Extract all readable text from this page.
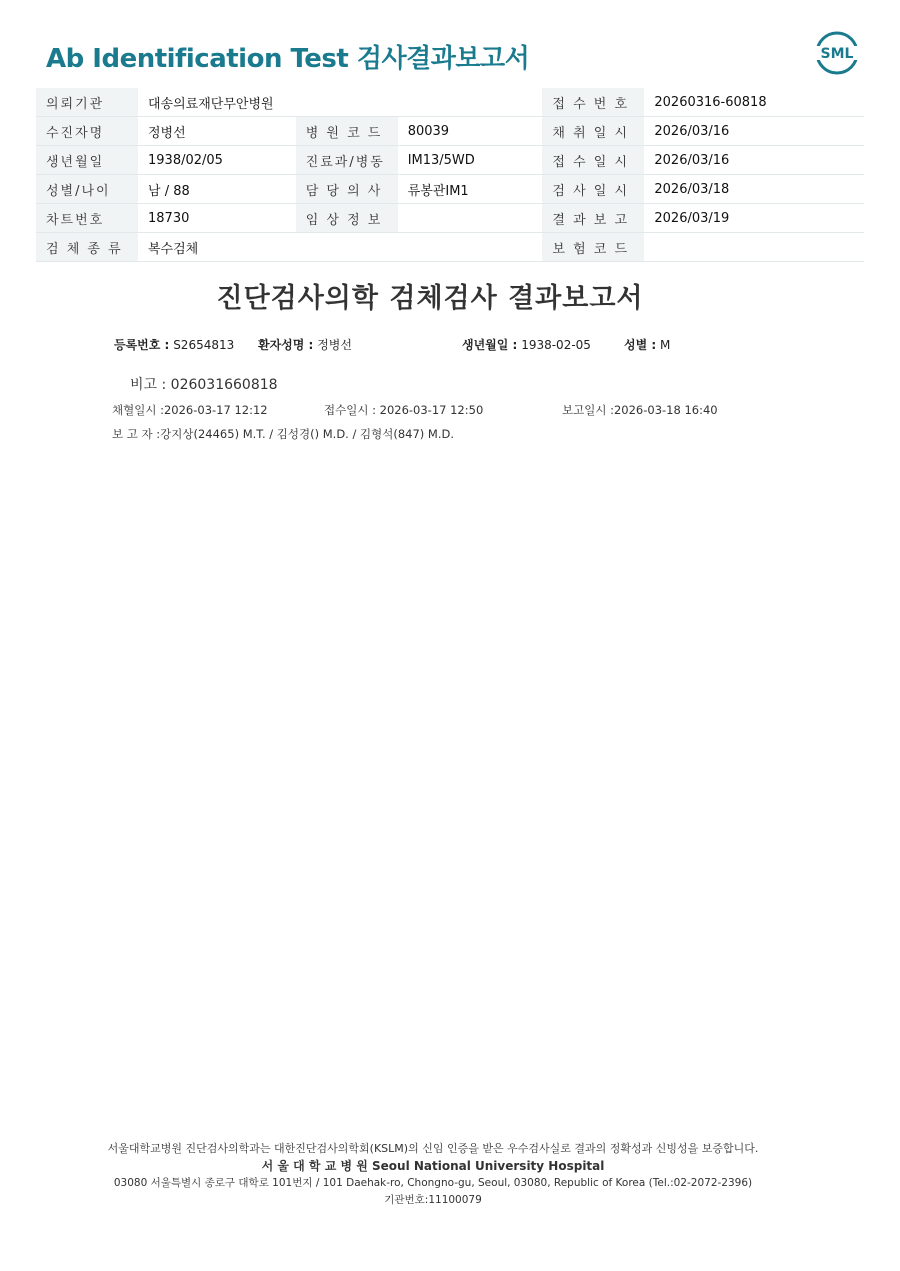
Ab Identification Test 검사결과보고서	SML
의뢰기관	대송의료재단무안병원			접 수 번 호	20260316-60818
수진자명	정병선	병 원 코 드	80039	채 취 일 시	2026/03/16
생년월일	1938/02/05	진료과/병동	IM13/5WD	접 수 일 시	2026/03/16
성별/나이	남 / 88	담 당 의 사	류봉관IM1	검 사 일 시	2026/03/18
차트번호	18730	임 상 정 보		결 과 보 고	2026/03/19
검 체 종 류	복수검체			보 험 코 드	
진단검사의학 검체검사 결과보고서
등록번호 : S2654813 환자성명 : 정병선	생년월일 : 1938-02-05	성별 : M
비고 : 026031660818
채혈일시 :2026-03-17 12:12	접수일시 : 2026-03-17 12:50	보고일시 :2026-03-18 16:40
보 고 자 :강지상(24465) M.T. / 김성경() M.D. / 김형석(847) M.D.
서울대학교병원 진단검사의학과는 대한진단검사의학회(KSLM)의 신임 인증을 받은 우수검사실로 결과의 정확성과 신빙성을 보증합니다.
서 울 대 학 교 병 원 Seoul National University Hospital
03080 서울특별시 종로구 대학로 101번지 / 101 Daehak-ro, Chongno-gu, Seoul, 03080, Republic of Korea (Tel.:02-2072-2396)
기관번호:11100079
